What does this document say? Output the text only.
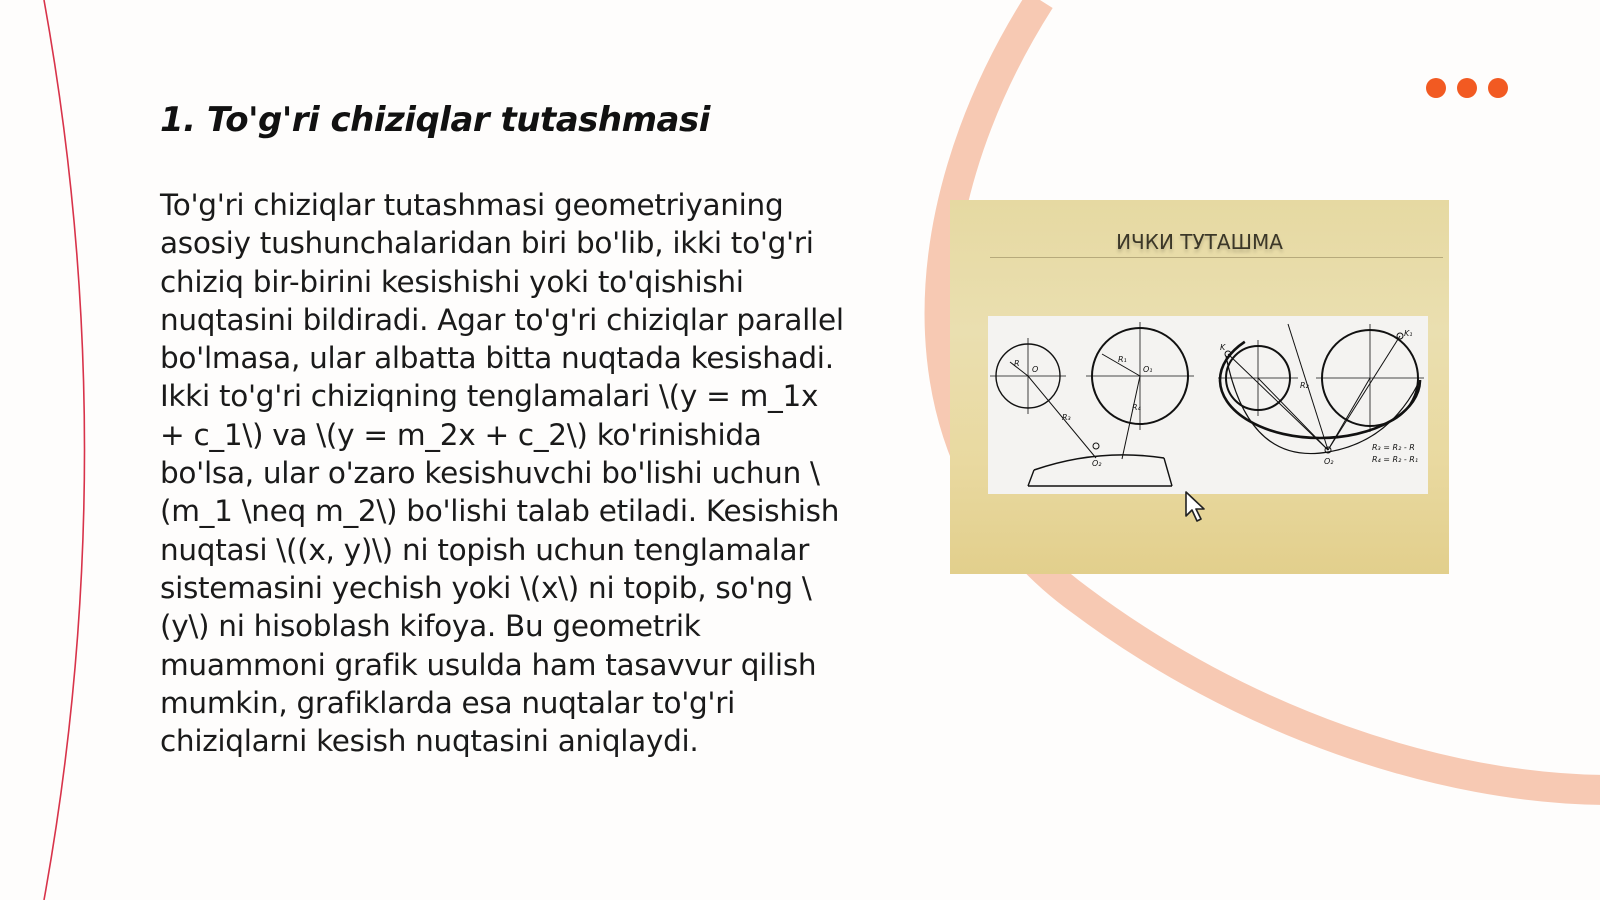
1. To'g'ri chiziqlar tutashmasi

To'g'ri chiziqlar tutashmasi geometriyaning asosiy tushunchalaridan biri bo'lib, ikki to'g'ri chiziq bir-birini kesishishi yoki to'qishishi nuqtasini bildiradi. Agar to'g'ri chiziqlar parallel bo'lmasa, ular albatta bitta nuqtada kesishadi. Ikki to'g'ri chiziqning tenglamalari \(y = m_1x + c_1\) va \(y = m_2x + c_2\) ko'rinishida bo'lsa, ular o'zaro kesishuvchi bo'lishi uchun \(m_1 \neq m_2\) bo'lishi talab etiladi. Kesishish nuqtasi \((x, y)\) ni topish uchun tenglamalar sistemasini yechish yoki \(x\) ni topib, so'ng \(y\) ni hisoblash kifoya. Bu geometrik muammoni grafik usulda ham tasavvur qilish mumkin, grafiklarda esa nuqtalar to'g'ri chiziqlarni kesish nuqtasini aniqlaydi.

ИЧКИ ТУТАШМА
R
O	O₁
O₂
R₁
R₃
R₄
K
K₁
R₂
O₂
R₃ = R₂ - R
R₄ = R₂ - R₁
